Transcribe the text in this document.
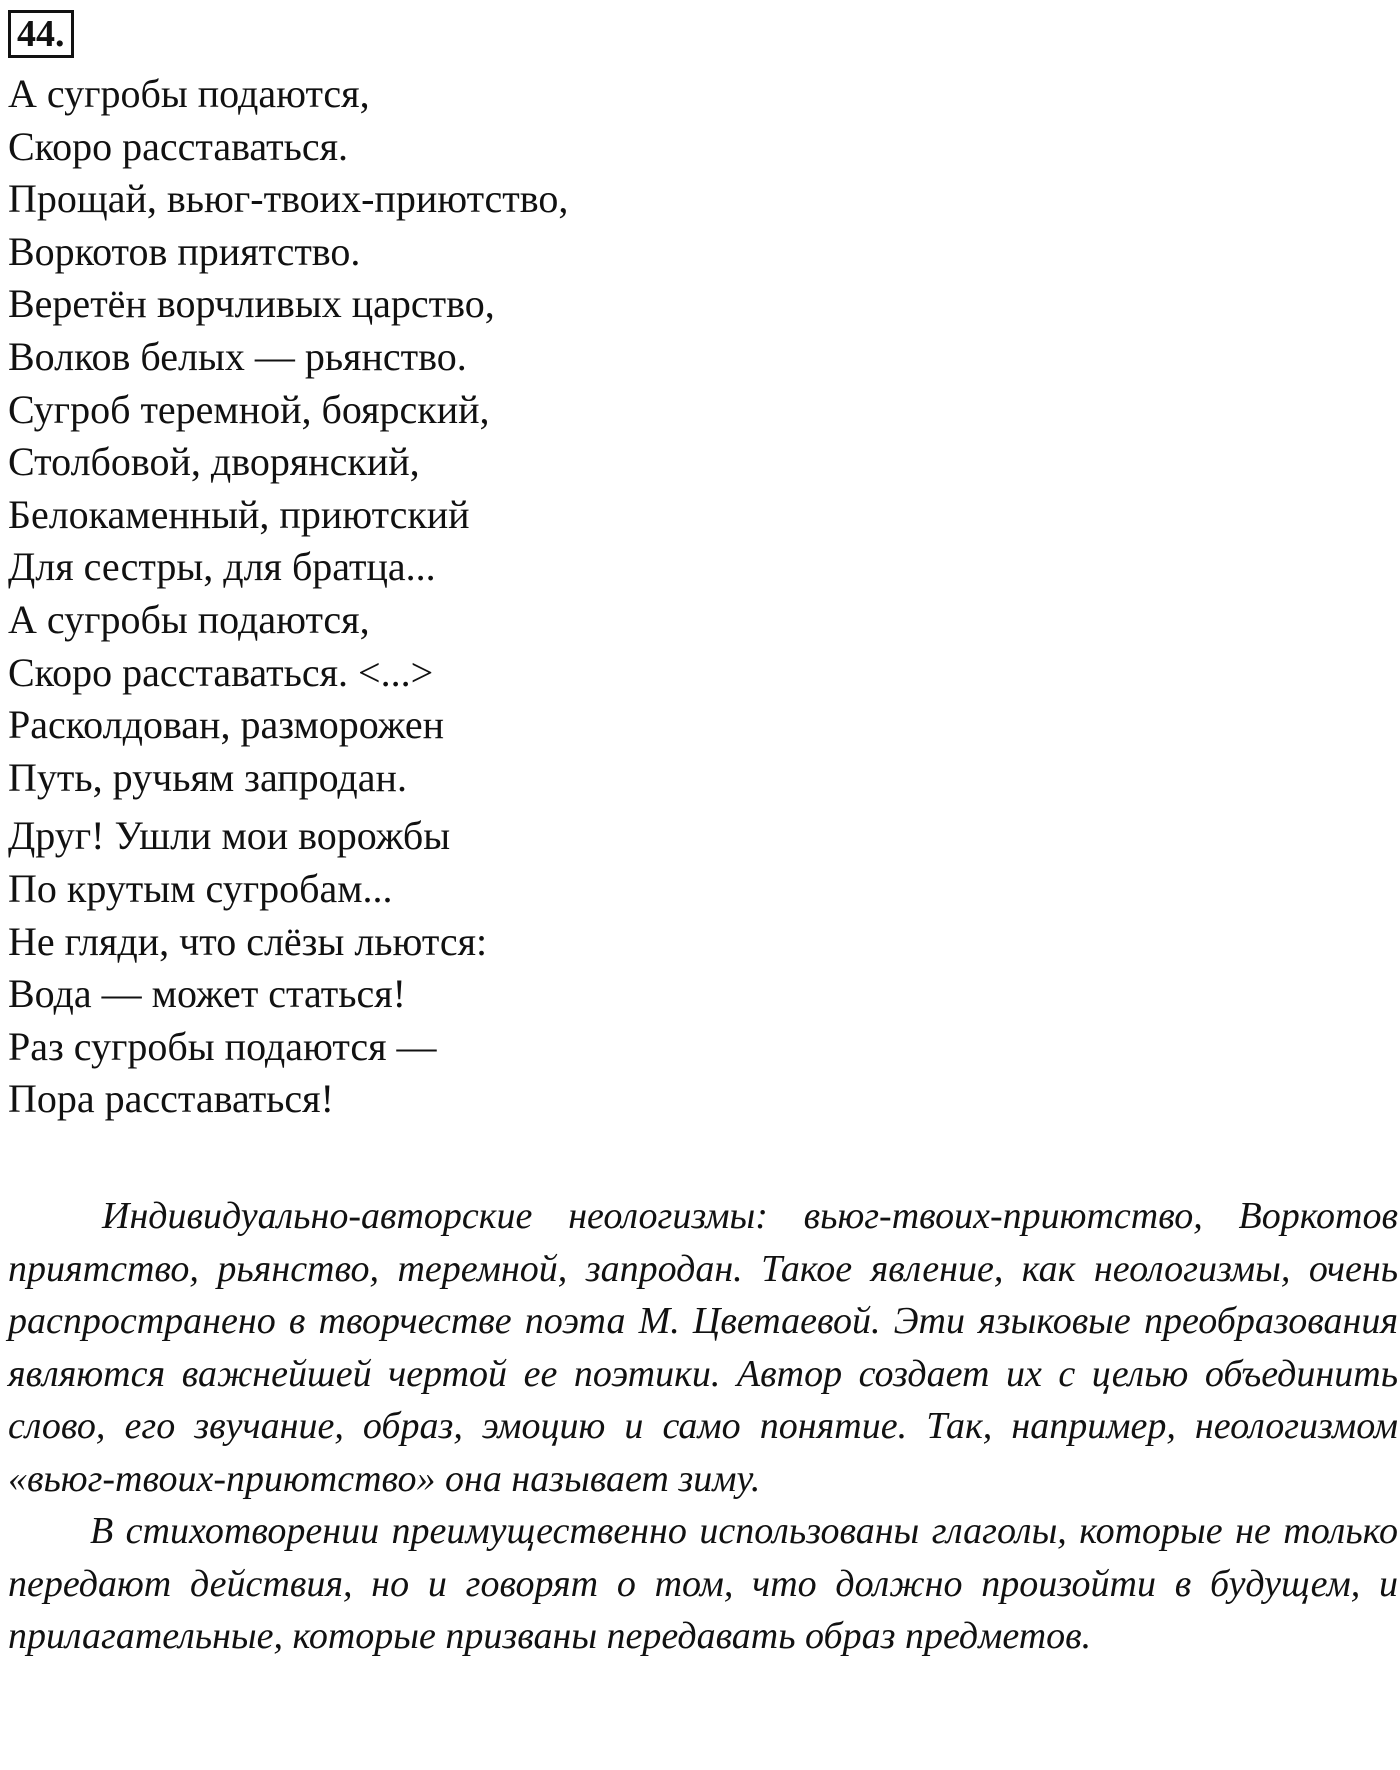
44.
А сугробы подаются,
Скоро расставаться.
Прощай, вьюг-твоих-приютство,
Воркотов приятство.
Веретён ворчливых царство,
Волков белых — рьянство.
Сугроб теремной, боярский,
Столбовой, дворянский,
Белокаменный, приютский
Для сестры, для братца...
А сугробы подаются,
Скоро расставаться. <...>
Расколдован, разморожен
Путь, ручьям запродан.
Друг! Ушли мои ворожбы
По крутым сугробам...
Не гляди, что слёзы льются:
Вода — может статься!
Раз сугробы подаются —
Пора расставаться!

Индивидуально-авторские неологизмы: вьюг-твоих-приютство, Воркотов приятство, рьянство, теремной, запродан. Такое явление, как неологизмы, очень распространено в творчестве поэта М. Цветаевой. Эти языковые преобразования являются важнейшей чертой ее поэтики. Автор создает их с целью объединить слово, его звучание, образ, эмоцию и само понятие. Так, например, неологизмом «вьюг-твоих-приютство» она называет зиму.

В стихотворении преимущественно использованы глаголы, которые не только передают действия, но и говорят о том, что должно произойти в будущем, и прилагательные, которые призваны передавать образ предметов.
